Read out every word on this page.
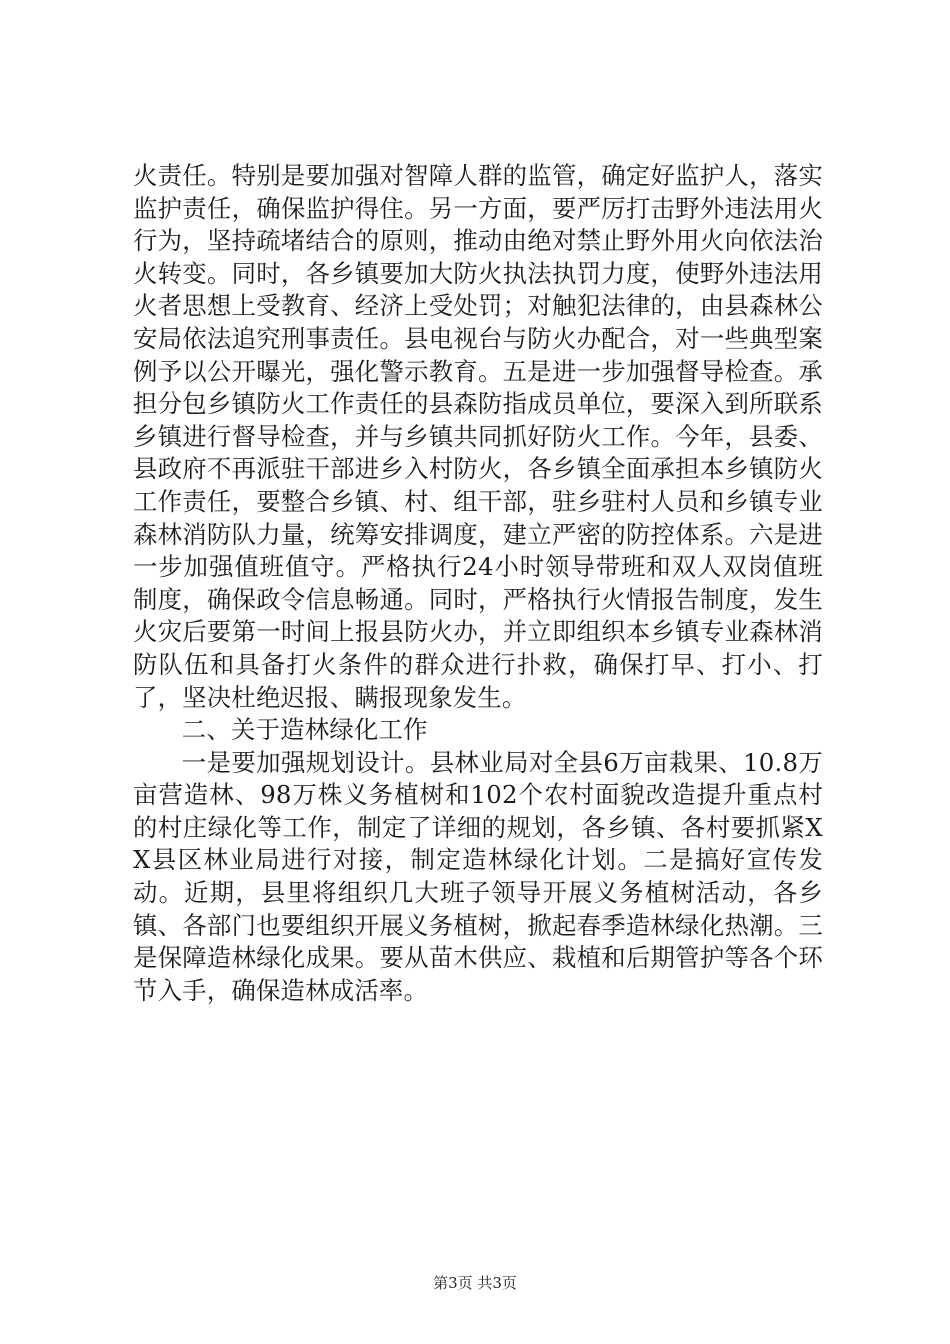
火责任。特别是要加强对智障人群的监管，确定好监护人，落实监护责任，确保监护得住。另一方面，要严厉打击野外违法用火行为，坚持疏堵结合的原则，推动由绝对禁止野外用火向依法治火转变。同时，各乡镇要加大防火执法执罚力度，使野外违法用火者思想上受教育、经济上受处罚；对触犯法律的，由县森林公安局依法追究刑事责任。县电视台与防火办配合，对一些典型案例予以公开曝光，强化警示教育。五是进一步加强督导检查。承担分包乡镇防火工作责任的县森防指成员单位，要深入到所联系乡镇进行督导检查，并与乡镇共同抓好防火工作。今年，县委、县政府不再派驻干部进乡入村防火，各乡镇全面承担本乡镇防火工作责任，要整合乡镇、村、组干部，驻乡驻村人员和乡镇专业森林消防队力量，统筹安排调度，建立严密的防控体系。六是进一步加强值班值守。严格执行24小时领导带班和双人双岗值班制度，确保政令信息畅通。同时，严格执行火情报告制度，发生火灾后要第一时间上报县防火办，并立即组织本乡镇专业森林消防队伍和具备打火条件的群众进行扑救，确保打早、打小、打了，坚决杜绝迟报、瞒报现象发生。

二、关于造林绿化工作

一是要加强规划设计。县林业局对全县6万亩栽果、10.8万亩营造林、98万株义务植树和102个农村面貌改造提升重点村的村庄绿化等工作，制定了详细的规划，各乡镇、各村要抓紧XX县区林业局进行对接，制定造林绿化计划。二是搞好宣传发动。近期，县里将组织几大班子领导开展义务植树活动，各乡镇、各部门也要组织开展义务植树，掀起春季造林绿化热潮。三是保障造林绿化成果。要从苗木供应、栽植和后期管护等各个环节入手，确保造林成活率。

第3页 共3页
